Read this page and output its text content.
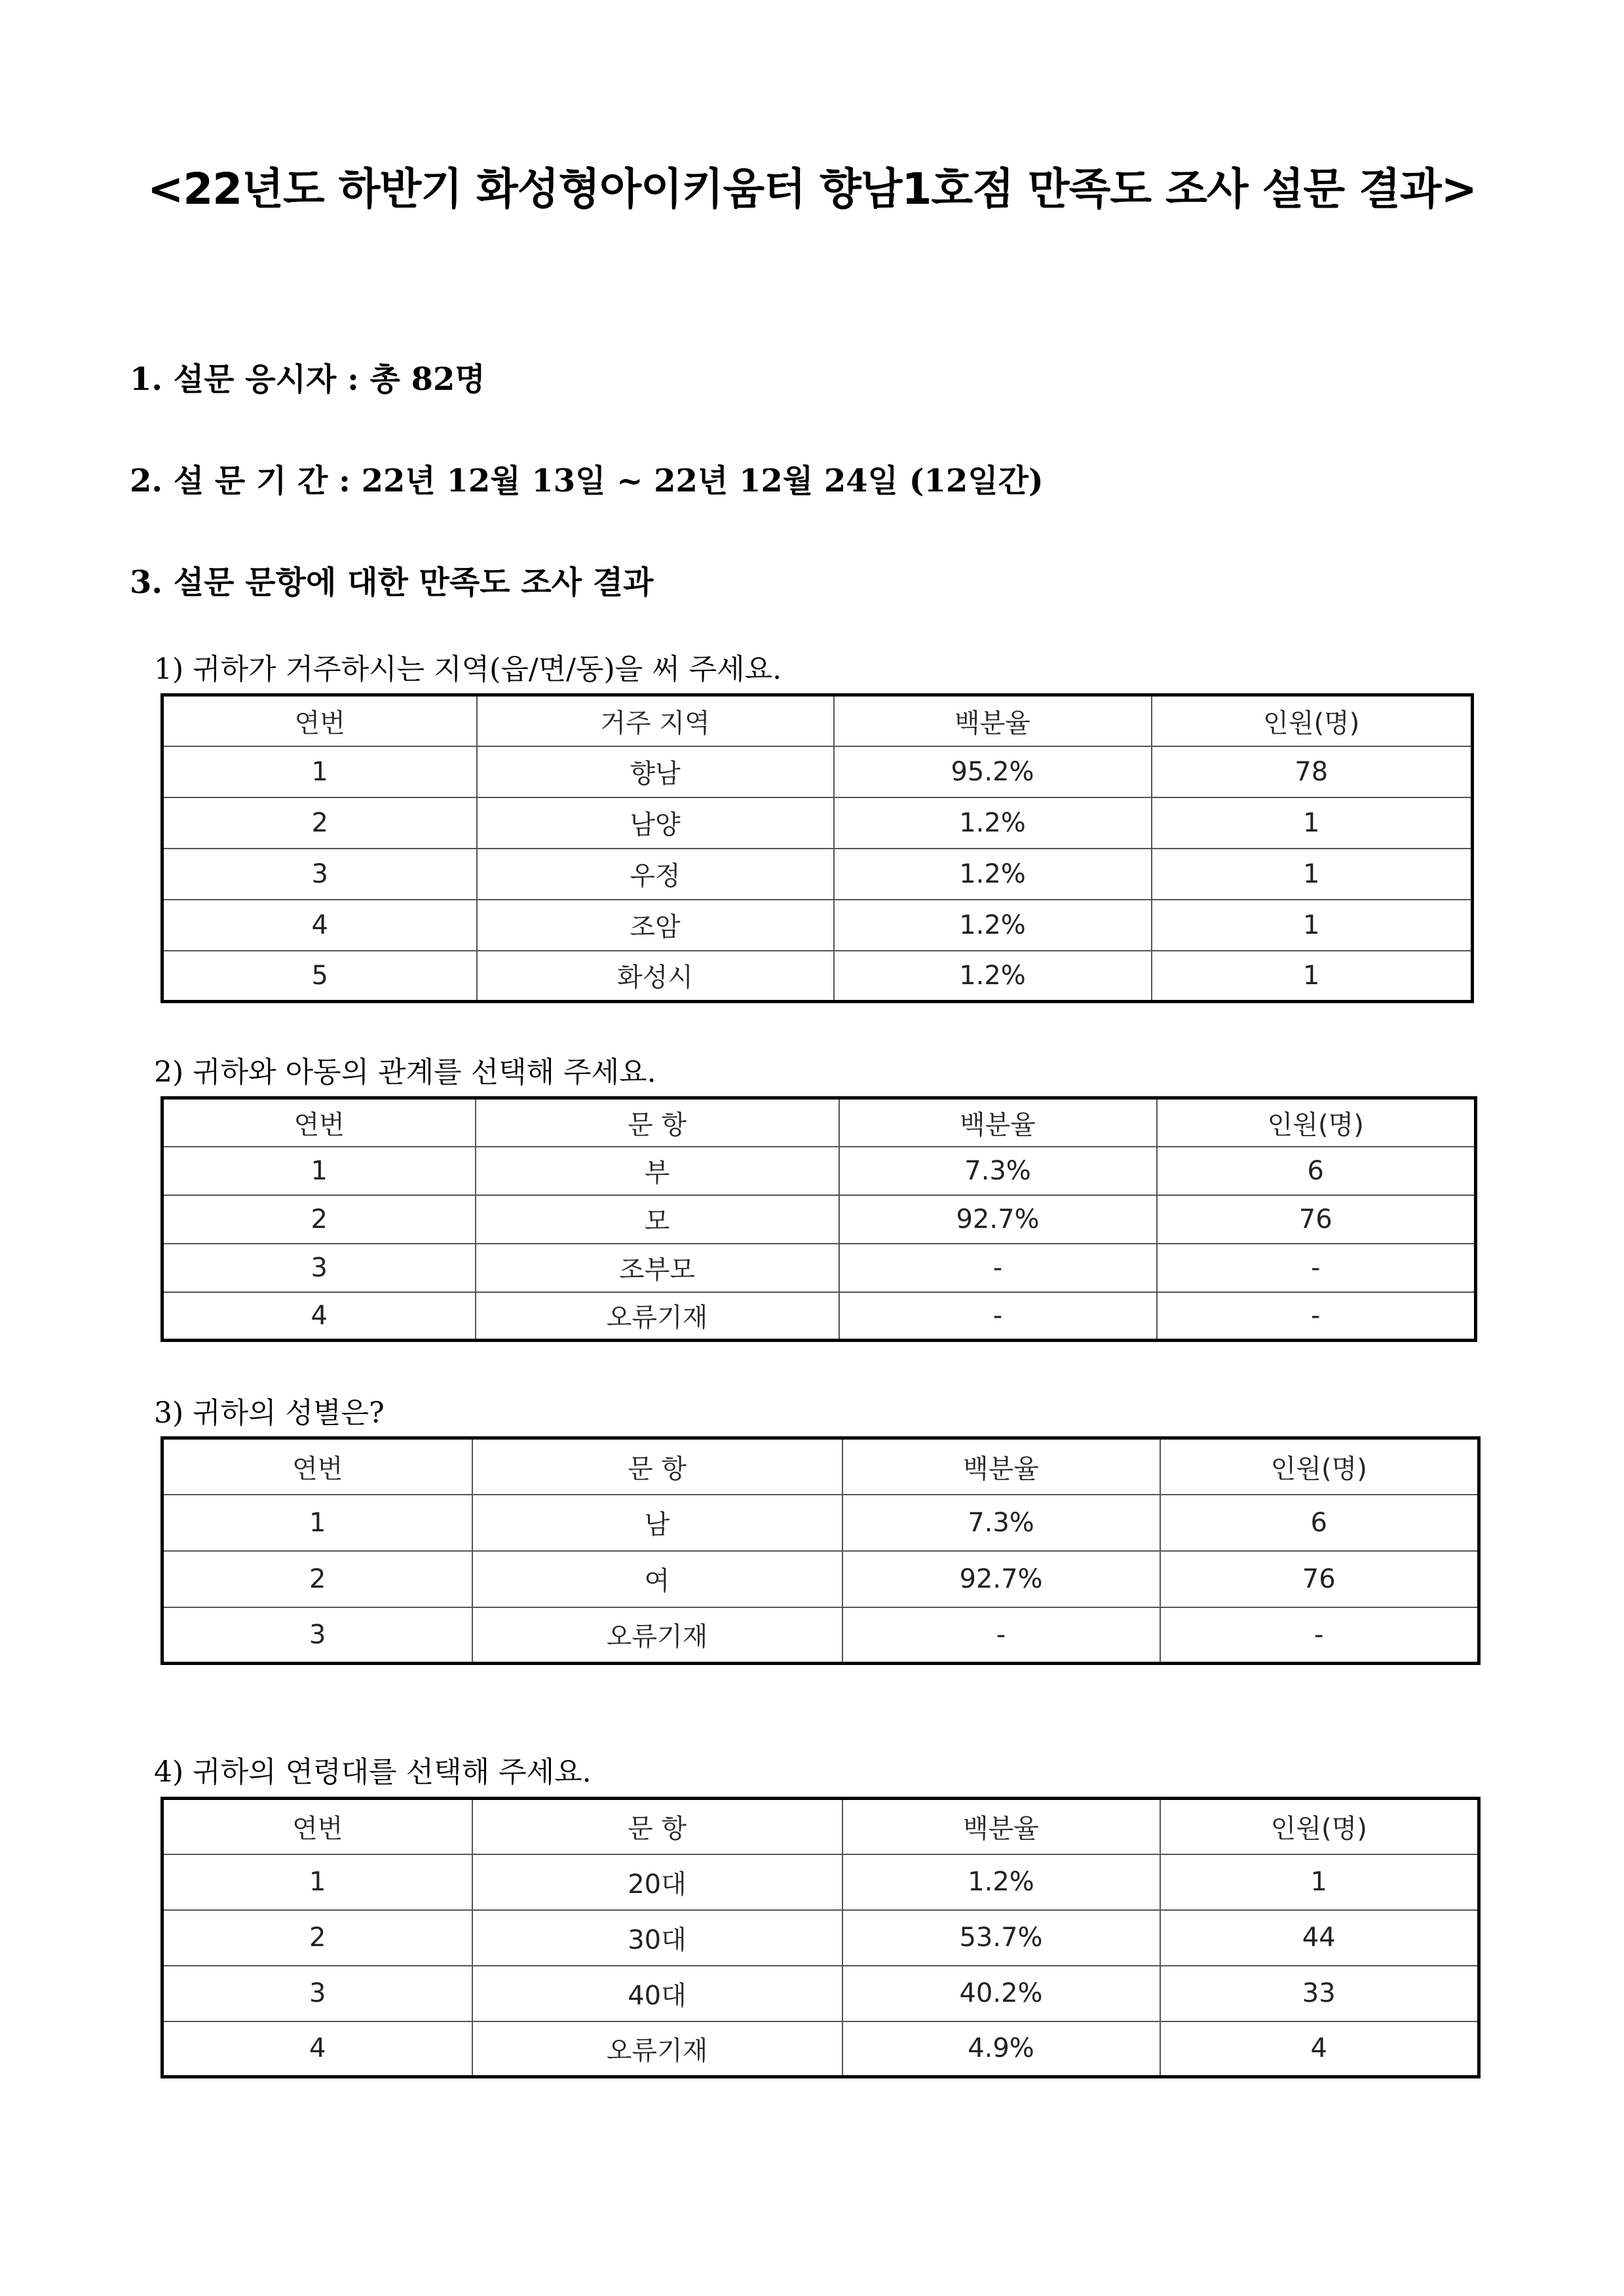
<22년도 하반기 화성형아이키움터 향남1호점 만족도 조사 설문 결과>
1. 설문 응시자 : 총 82명
2. 설 문 기 간 : 22년 12월 13일 ~ 22년 12월 24일 (12일간)
3. 설문 문항에 대한 만족도 조사 결과
1) 귀하가 거주하시는 지역(읍/면/동)을 써 주세요.
연번	거주 지역	백분율	인원(명)
1	향남	95.2%	78
2	남양	1.2%	1
3	우정	1.2%	1
4	조암	1.2%	1
5	화성시	1.2%	1
2) 귀하와 아동의 관계를 선택해 주세요.
연번	문 항	백분율	인원(명)
1	부	7.3%	6
2	모	92.7%	76
3	조부모	-	-
4	오류기재	-	-
3) 귀하의 성별은?
연번	문 항	백분율	인원(명)
1	남	7.3%	6
2	여	92.7%	76
3	오류기재	-	-
4) 귀하의 연령대를 선택해 주세요.
연번	문 항	백분율	인원(명)
1	20대	1.2%	1
2	30대	53.7%	44
3	40대	40.2%	33
4	오류기재	4.9%	4
